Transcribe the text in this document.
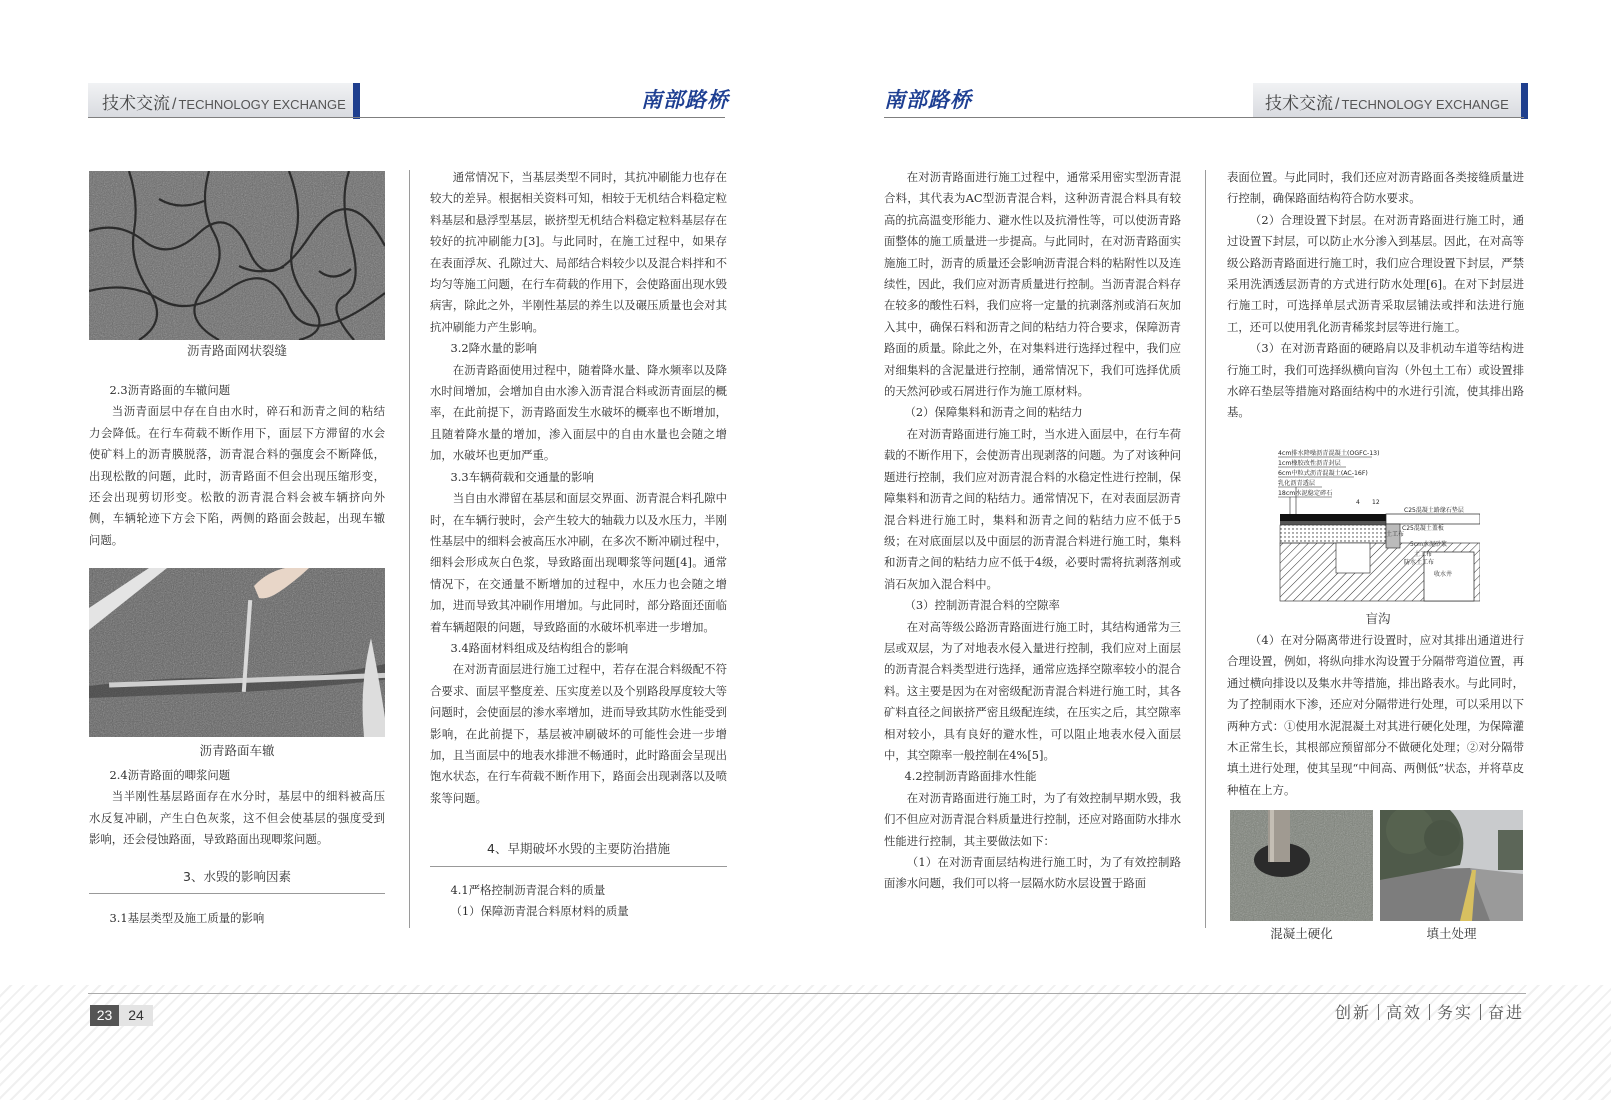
技术交流 / TECHNOLOGY EXCHANGE	南部路桥	南部路桥	技术交流 / TECHNOLOGY EXCHANGE
沥青路面网状裂缝

2.3沥青路面的车辙问题

当沥青面层中存在自由水时，碎石和沥青之间的粘结力会降低。在行车荷载不断作用下，面层下方滞留的水会使矿料上的沥青膜脱落，沥青混合料的强度会不断降低，出现松散的问题，此时，沥青路面不但会出现压缩形变，还会出现剪切形变。松散的沥青混合料会被车辆挤向外侧，车辆轮迹下方会下陷，两侧的路面会鼓起，出现车辙问题。

沥青路面车辙

2.4沥青路面的唧浆问题

当半刚性基层路面存在水分时，基层中的细料被高压水反复冲刷，产生白色灰浆，这不但会使基层的强度受到影响，还会侵蚀路面，导致路面出现唧浆问题。

3、水毁的影响因素

3.1基层类型及施工质量的影响

通常情况下，当基层类型不同时，其抗冲刷能力也存在较大的差异。根据相关资料可知，相较于无机结合料稳定粒料基层和悬浮型基层，嵌挤型无机结合料稳定粒料基层存在较好的抗冲刷能力[3]。与此同时，在施工过程中，如果存在表面浮灰、孔隙过大、局部结合料较少以及混合料拌和不均匀等施工问题，在行车荷载的作用下，会使路面出现水毁病害，除此之外，半刚性基层的养生以及碾压质量也会对其抗冲刷能力产生影响。

3.2降水量的影响

在沥青路面使用过程中，随着降水量、降水频率以及降水时间增加，会增加自由水渗入沥青混合料或沥青面层的概率，在此前提下，沥青路面发生水破坏的概率也不断增加，且随着降水量的增加，渗入面层中的自由水量也会随之增加，水破坏也更加严重。

3.3车辆荷载和交通量的影响

当自由水滞留在基层和面层交界面、沥青混合料孔隙中时，在车辆行驶时，会产生较大的轴载力以及水压力，半刚性基层中的细料会被高压水冲刷，在多次不断冲刷过程中，细料会形成灰白色浆，导致路面出现唧浆等问题[4]。通常情况下，在交通量不断增加的过程中，水压力也会随之增加，进而导致其冲刷作用增加。与此同时，部分路面还面临着车辆超限的问题，导致路面的水破坏机率进一步增加。

3.4路面材料组成及结构组合的影响

在对沥青面层进行施工过程中，若存在混合料级配不符合要求、面层平整度差、压实度差以及个别路段厚度较大等问题时，会使面层的渗水率增加，进而导致其防水性能受到影响，在此前提下，基层被冲刷破坏的可能性会进一步增加，且当面层中的地表水排泄不畅通时，此时路面会呈现出饱水状态，在行车荷载不断作用下，路面会出现剥落以及喷浆等问题。

4、早期破坏水毁的主要防治措施

4.1严格控制沥青混合料的质量

（1）保障沥青混合料原材料的质量

在对沥青路面进行施工过程中，通常采用密实型沥青混合料，其代表为AC型沥青混合料，这种沥青混合料具有较高的抗高温变形能力、避水性以及抗滑性等，可以使沥青路面整体的施工质量进一步提高。与此同时，在对沥青路面实施施工时，沥青的质量还会影响沥青混合料的粘附性以及连续性，因此，我们应对沥青质量进行控制。当沥青混合料存在较多的酸性石料，我们应将一定量的抗剥落剂或消石灰加入其中，确保石料和沥青之间的粘结力符合要求，保障沥青路面的质量。除此之外，在对集料进行选择过程中，我们应对细集料的含泥量进行控制，通常情况下，我们可选择优质的天然河砂或石屑进行作为施工原材料。

（2）保障集料和沥青之间的粘结力

在对沥青路面进行施工时，当水进入面层中，在行车荷载的不断作用下，会使沥青出现剥落的问题。为了对该种问题进行控制，我们应对沥青混合料的水稳定性进行控制，保障集料和沥青之间的粘结力。通常情况下，在对表面层沥青混合料进行施工时，集料和沥青之间的粘结力应不低于5级；在对底面层以及中面层的沥青混合料进行施工时，集料和沥青之间的粘结力应不低于4级，必要时需将抗剥落剂或消石灰加入混合料中。

（3）控制沥青混合料的空隙率

在对高等级公路沥青路面进行施工时，其结构通常为三层或双层，为了对地表水侵入量进行控制，我们应对上面层的沥青混合料类型进行选择，通常应选择空隙率较小的混合料。这主要是因为在对密级配沥青混合料进行施工时，其各矿料直径之间嵌挤严密且级配连续，在压实之后，其空隙率相对较小，具有良好的避水性，可以阻止地表水侵入面层中，其空隙率一般控制在4%[5]。

4.2控制沥青路面排水性能

在对沥青路面进行施工时，为了有效控制早期水毁，我们不但应对沥青混合料质量进行控制，还应对路面防水排水性能进行控制，其主要做法如下：

（1）在对沥青面层结构进行施工时，为了有效控制路面渗水问题，我们可以将一层隔水防水层设置于路面

表面位置。与此同时，我们还应对沥青路面各类接缝质量进行控制，确保路面结构符合防水要求。

（2）合理设置下封层。在对沥青路面进行施工时，通过设置下封层，可以防止水分渗入到基层。因此，在对高等级公路沥青路面进行施工时，我们应合理设置下封层，严禁采用洗洒透层沥青的方式进行防水处理[6]。在对下封层进行施工时，可选择单层式沥青采取层铺法或拌和法进行施工，还可以使用乳化沥青稀浆封层等进行施工。

（3）在对沥青路面的硬路肩以及非机动车道等结构进行施工时，我们可选择纵横向盲沟（外包土工布）或设置排水碎石垫层等措施对路面结构中的水进行引流，使其排出路基。

4cm排水降噪沥青混凝土(OGFC-13)
1cm橡胶改性沥青封层
6cm中粒式沥青混凝土(AC-16F)
乳化沥青透层
18cm水泥稳定碎石
12
4
C25混凝土盖板
土工布
C25混凝土路缘石垫层
5cm水泥砂浆
土工布
防水土工布
收水井
盲沟

（4）在对分隔离带进行设置时，应对其排出通道进行合理设置，例如，将纵向排水沟设置于分隔带弯道位置，再通过横向排设以及集水井等措施，排出路表水。与此同时，为了控制雨水下渗，还应对分隔带进行处理，可以采用以下两种方式：①使用水泥混凝土对其进行硬化处理，为保障灌木正常生长，其根部应预留部分不做硬化处理；②对分隔带填土进行处理，使其呈现“中间高、两侧低”状态，并将草皮种植在上方。

混凝土硬化	填土处理
23	24	创新 高效 务实 奋进
